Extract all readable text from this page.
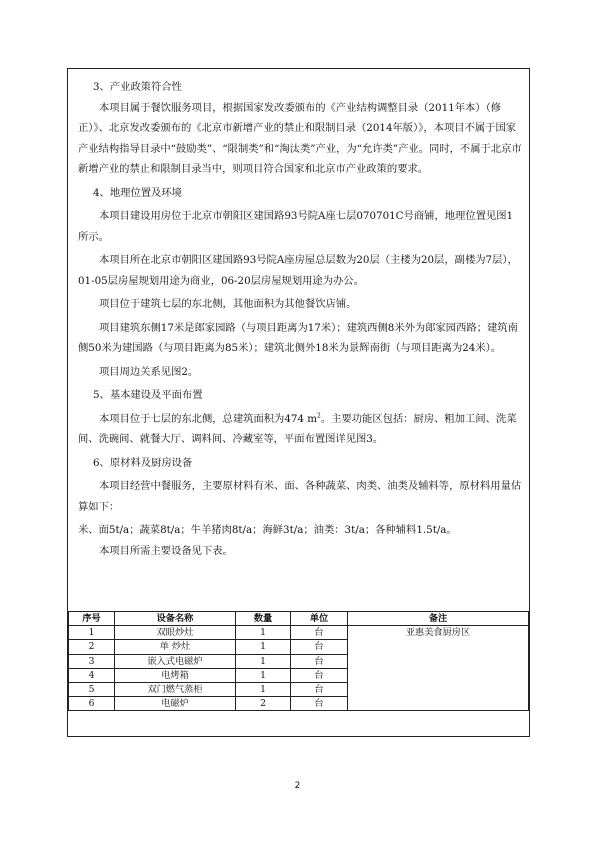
3、产业政策符合性

本项目属于餐饮服务项目，根据国家发改委颁布的《产业结构调整目录（2011年本）（修正）》、北京发改委颁布的《北京市新增产业的禁止和限制目录（2014年版）》，本项目不属于国家产业结构指导目录中“鼓励类”、“限制类”和“淘汰类”产业，为“允许类”产业。同时，不属于北京市新增产业的禁止和限制目录当中，则项目符合国家和北京市产业政策的要求。

4、地理位置及环境

本项目建设用房位于北京市朝阳区建国路93号院A座七层070701C号商铺，地理位置见图1所示。

本项目所在北京市朝阳区建国路93号院A座房屋总层数为20层（主楼为20层，副楼为7层），01-05层房屋规划用途为商业，06-20层房屋规划用途为办公。

项目位于建筑七层的东北侧，其他面积为其他餐饮店铺。

项目建筑东侧17米是郎家园路（与项目距离为17米）；建筑西侧8米外为郎家园西路；建筑南侧50米为建国路（与项目距离为85米）；建筑北侧外18米为景辉南街（与项目距离为24米）。

项目周边关系见图2。

5、基本建设及平面布置

本项目位于七层的东北侧，总建筑面积为474 $m^2$。主要功能区包括：厨房、粗加工间、洗菜间、洗碗间、就餐大厅、调料间、冷藏室等，平面布置图详见图3。

6、原材料及厨房设备

本项目经营中餐服务，主要原材料有米、面、各种蔬菜、肉类、油类及辅料等，原材料用量估算如下：

米、面5t/a；蔬菜8t/a；牛羊猪肉8t/a；海鲜3t/a；油类：3t/a；各种辅料1.5t/a。

本项目所需主要设备见下表。

序号	设备名称	数量	单位	备注
1	双眼炒灶	1	台	亚惠美食厨房区
2	单 炒灶	1	台	
3	嵌入式电磁炉	1	台	
4	电烤箱	1	台	
5	双门燃气蒸柜	1	台	
6	电磁炉	2	台	
2
